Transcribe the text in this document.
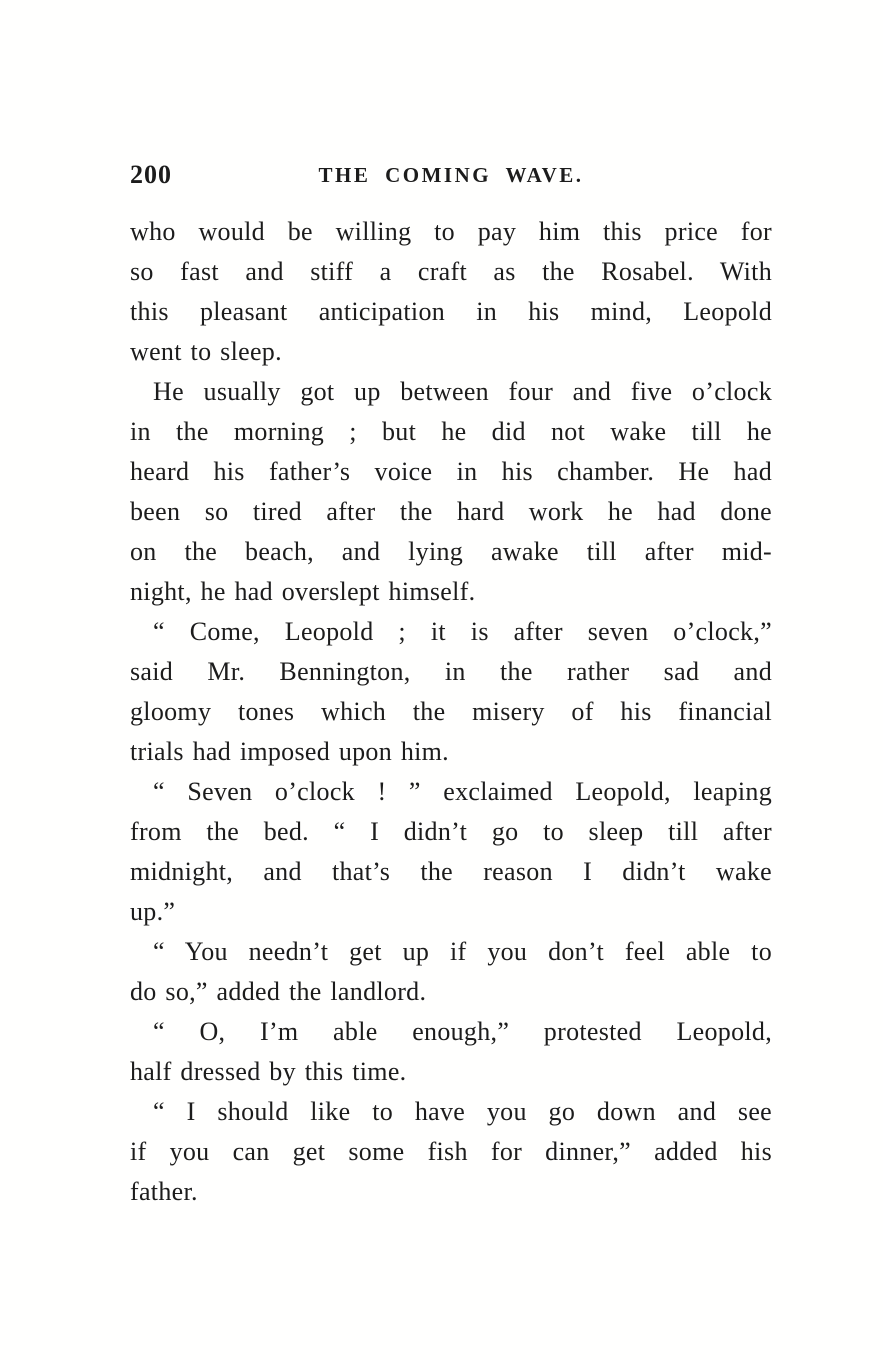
200	THE COMING WAVE.

who would be willing to pay him this price for
so fast and stiff a craft as the Rosabel. With
this pleasant anticipation in his mind, Leopold
went to sleep.

He usually got up between four and five o’clock
in the morning ; but he did not wake till he
heard his father’s voice in his chamber. He had
been so tired after the hard work he had done
on the beach, and lying awake till after mid-
night, he had overslept himself.

“ Come, Leopold ; it is after seven o’clock,”
said Mr. Bennington, in the rather sad and
gloomy tones which the misery of his financial
trials had imposed upon him.

“ Seven o’clock ! ” exclaimed Leopold, leaping
from the bed. “ I didn’t go to sleep till after
midnight, and that’s the reason I didn’t wake
up.”

“ You needn’t get up if you don’t feel able to
do so,” added the landlord.

“ O, I’m able enough,” protested Leopold,
half dressed by this time.

“ I should like to have you go down and see
if you can get some fish for dinner,” added his
father.
